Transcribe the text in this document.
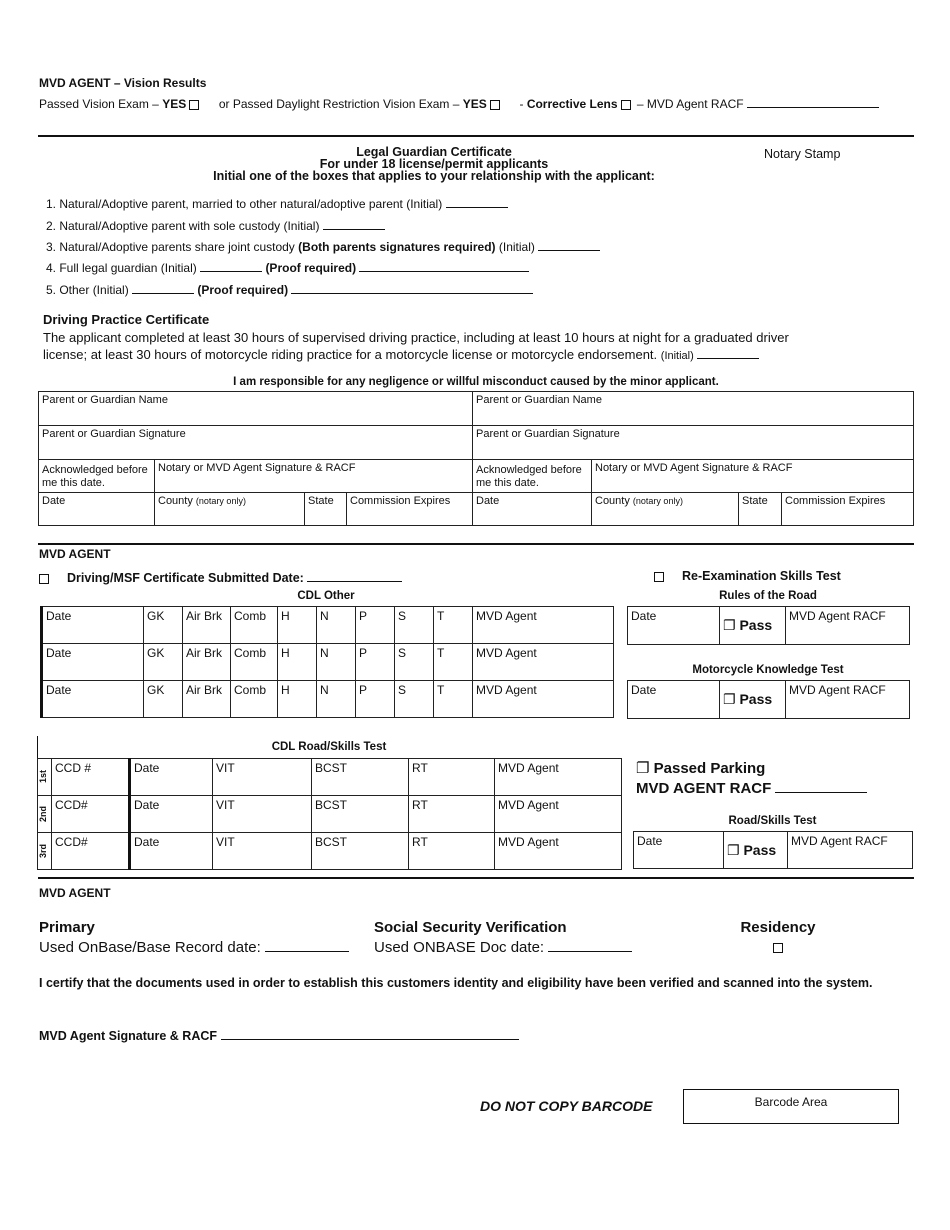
MVD AGENT – Vision Results
Passed Vision Exam – YES	or Passed Daylight Restriction Vision Exam – YES	- Corrective Lens – MVD Agent RACF
Legal Guardian Certificate
For under 18 license/permit applicants
Initial one of the boxes that applies to your relationship with the applicant:
Notary Stamp
1. Natural/Adoptive parent, married to other natural/adoptive parent (Initial)
2. Natural/Adoptive parent with sole custody (Initial)
3. Natural/Adoptive parents share joint custody (Both parents signatures required) (Initial)
4. Full legal guardian (Initial)	(Proof required)
5. Other (Initial)	(Proof required)
Driving Practice Certificate
The applicant completed at least 30 hours of supervised driving practice, including at least 10 hours at night for a graduated driver
license; at least 30 hours of motorcycle riding practice for a motorcycle license or motorcycle endorsement. (Initial)
I am responsible for any negligence or willful misconduct caused by the minor applicant.
Parent or Guardian Name			
Parent or Guardian Signature			
Acknowledged before me this date.	Notary or MVD Agent Signature & RACF		
Date	County (notary only)	State	Commission Expires
Parent or Guardian Name			
Parent or Guardian Signature			
Acknowledged before me this date.	Notary or MVD Agent Signature & RACF		
Date	County (notary only)	State	Commission Expires
MVD AGENT
Driving/MSF Certificate Submitted Date:	Re-Examination Skills Test
CDL Other
Date	GK	Air Brk	Comb	H	N	P	S	T	MVD Agent
Date	GK	Air Brk	Comb	H	N	P	S	T	MVD Agent
Date	GK	Air Brk	Comb	H	N	P	S	T	MVD Agent
Rules of the Road
Date	❐ Pass	MVD Agent RACF
Motorcycle Knowledge Test
Date	❐ Pass	MVD Agent RACF
CDL Road/Skills Test
1st	CCD #	Date	VIT	BCST	RT	MVD Agent

2nd	CCD#	Date	VIT	BCST	RT	MVD Agent

3rd	CCD#	Date	VIT	BCST	RT	MVD Agent
❐ Passed Parking
MVD AGENT RACF
Road/Skills Test
Date	❐ Pass	MVD Agent RACF
MVD AGENT
Primary
Used OnBase/Base Record date:
Social Security Verification
Used ONBASE Doc date:
Residency
I certify that the documents used in order to establish this customers identity and eligibility have been verified and scanned into the system.
MVD Agent Signature & RACF
DO NOT COPY BARCODE	Barcode Area
